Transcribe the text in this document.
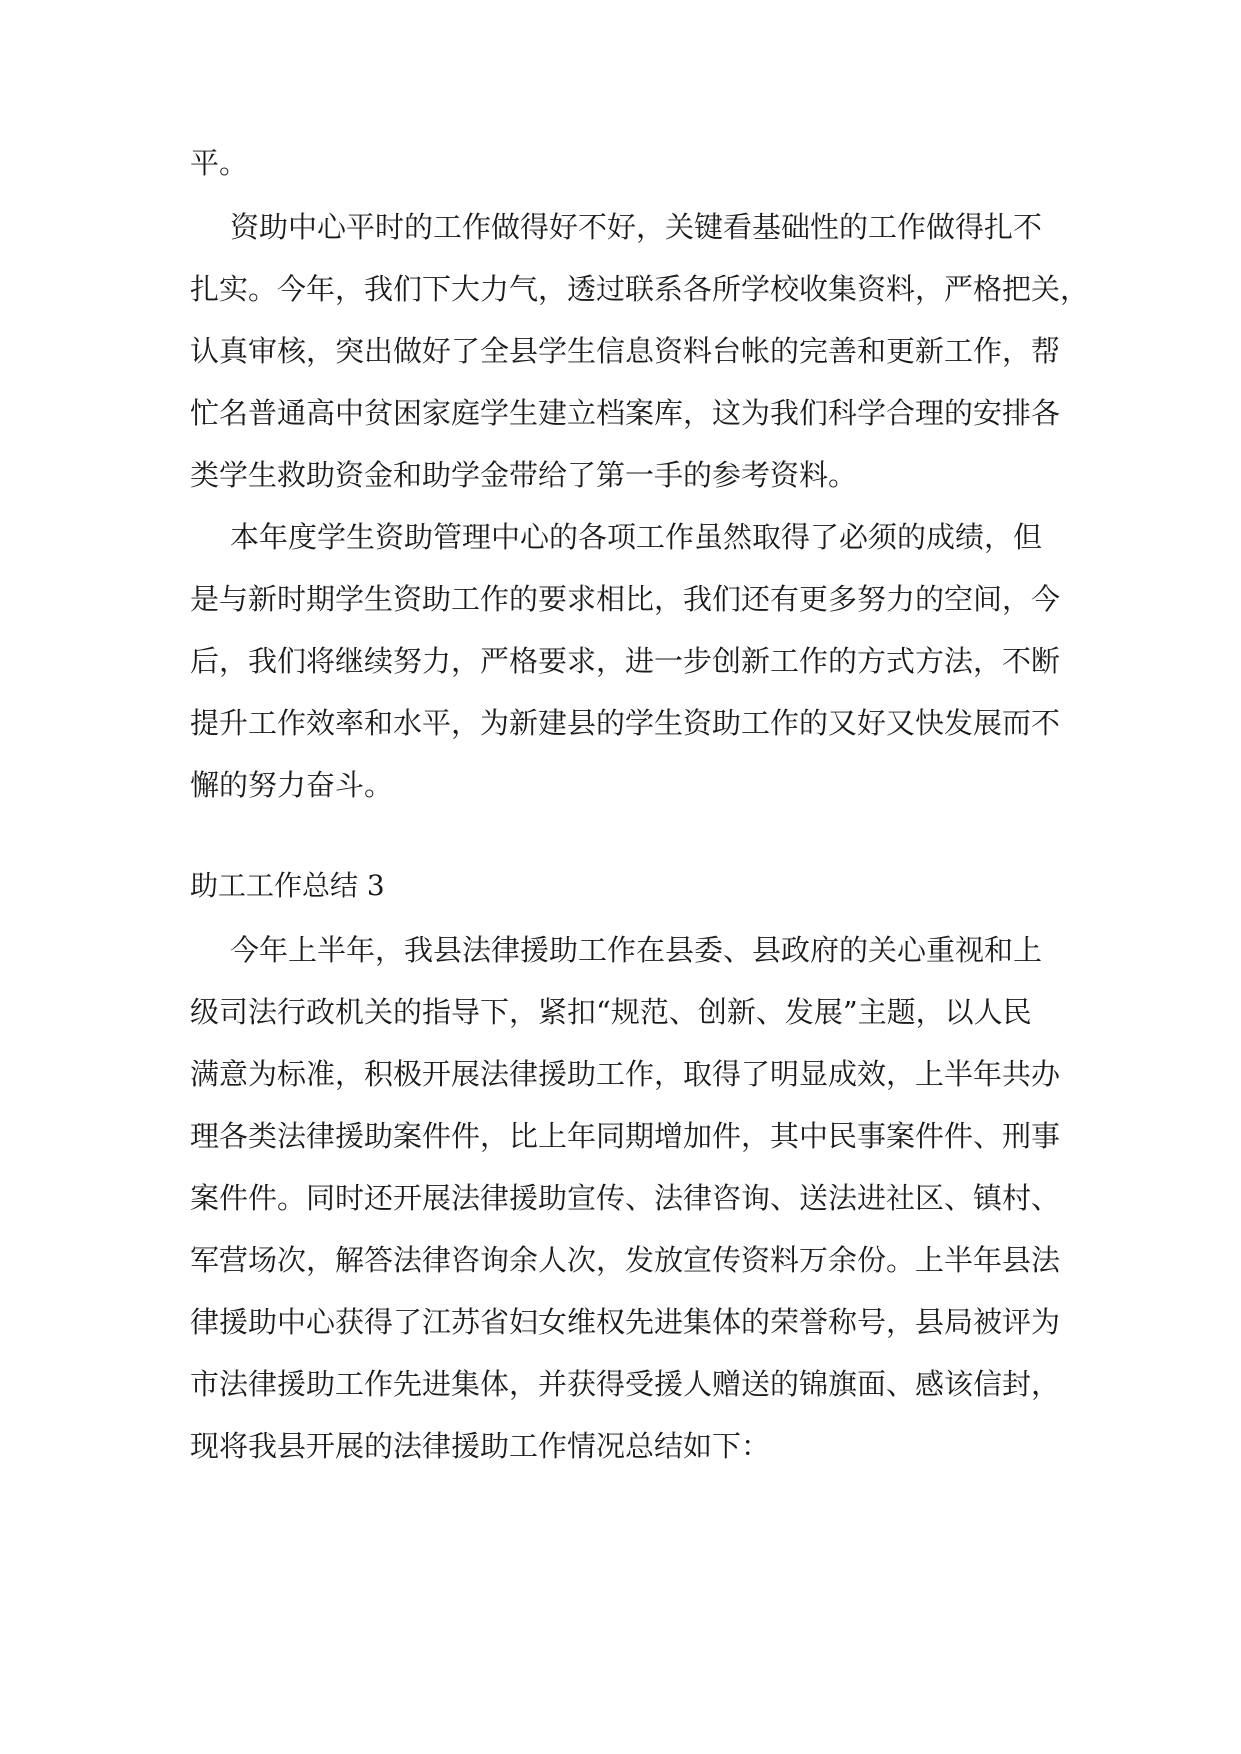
平。
资助中心平时的工作做得好不好，关键看基础性的工作做得扎不
扎实。今年，我们下大力气，透过联系各所学校收集资料，严格把关，
认真审核，突出做好了全县学生信息资料台帐的完善和更新工作，帮
忙名普通高中贫困家庭学生建立档案库，这为我们科学合理的安排各
类学生救助资金和助学金带给了第一手的参考资料。
本年度学生资助管理中心的各项工作虽然取得了必须的成绩，但
是与新时期学生资助工作的要求相比，我们还有更多努力的空间，今
后，我们将继续努力，严格要求，进一步创新工作的方式方法，不断
提升工作效率和水平，为新建县的学生资助工作的又好又快发展而不
懈的努力奋斗。
助工工作总结 3
今年上半年，我县法律援助工作在县委、县政府的关心重视和上
级司法行政机关的指导下，紧扣“规范、创新、发展”主题，以人民
满意为标准，积极开展法律援助工作，取得了明显成效，上半年共办
理各类法律援助案件件，比上年同期增加件，其中民事案件件、刑事
案件件。同时还开展法律援助宣传、法律咨询、送法进社区、镇村、
军营场次，解答法律咨询余人次，发放宣传资料万余份。上半年县法
律援助中心获得了江苏省妇女维权先进集体的荣誉称号，县局被评为
市法律援助工作先进集体，并获得受援人赠送的锦旗面、感该信封，
现将我县开展的法律援助工作情况总结如下：
